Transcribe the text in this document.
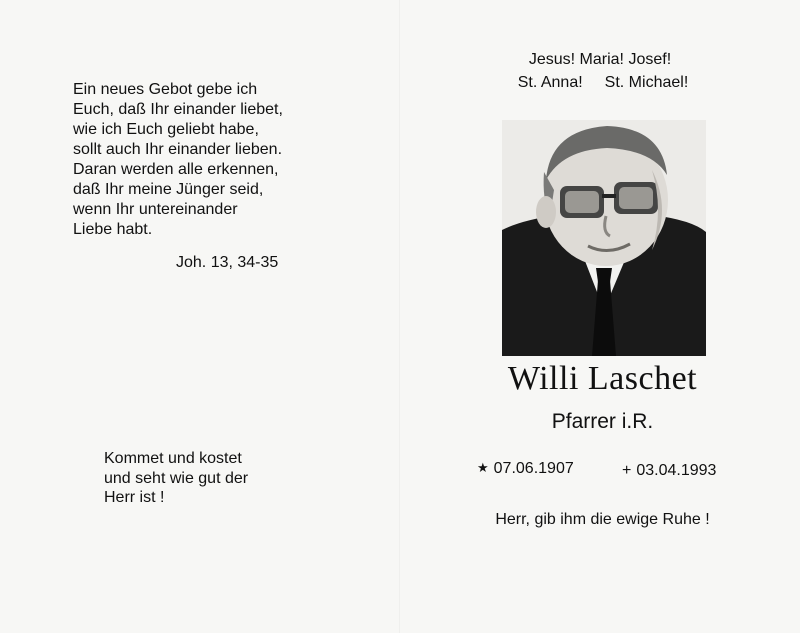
Ein neues Gebot gebe ich
Euch, daß Ihr einander liebet,
wie ich Euch geliebt habe,
sollt auch Ihr einander lieben.
Daran werden alle erkennen,
daß Ihr meine Jünger seid,
wenn Ihr untereinander
Liebe habt.
Joh. 13, 34-35
Kommet und kostet
und seht wie gut der
Herr ist !
Jesus! Maria! Josef!
St. Anna! St. Michael!
Willi Laschet
Pfarrer i.R.
★ 07.06.1907	+ 03.04.1993
Herr, gib ihm die ewige Ruhe !
